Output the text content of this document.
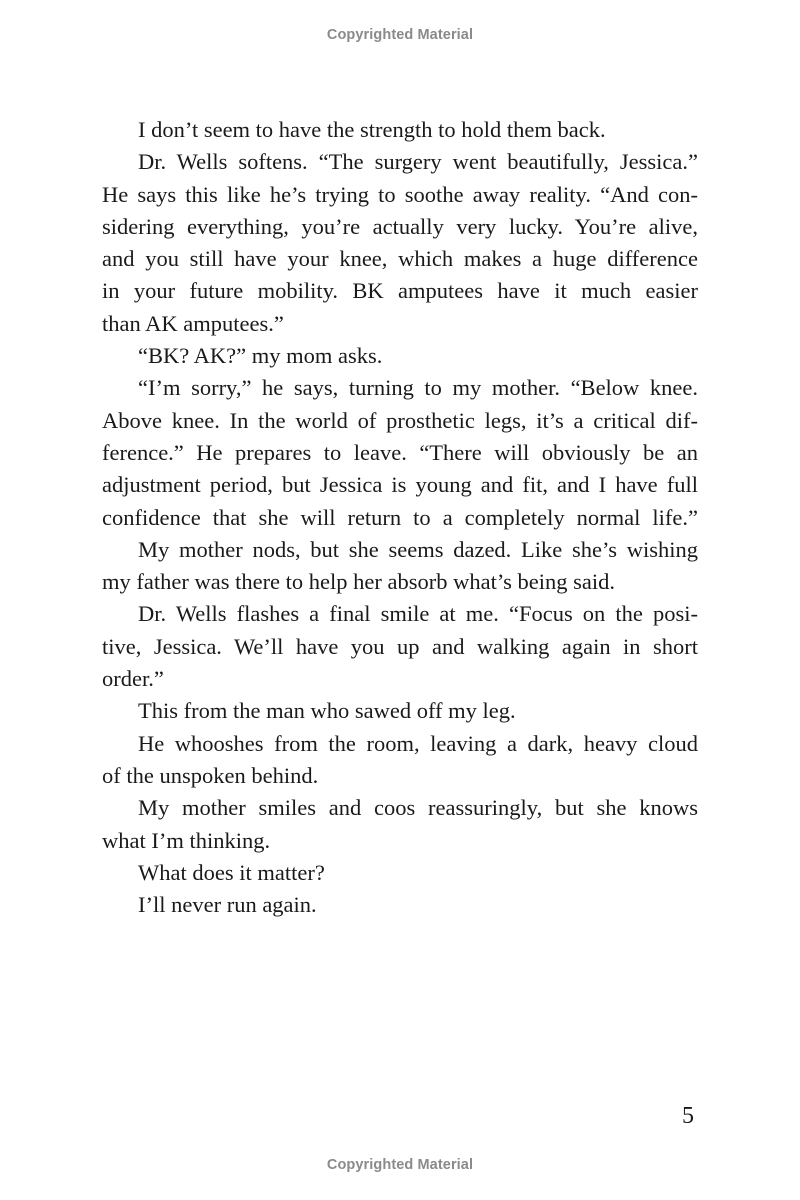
Copyrighted Material
I don’t seem to have the strength to hold them back.
Dr. Wells softens. “The surgery went beautifully, Jessica.”
He says this like he’s trying to soothe away reality. “And con-
sidering everything, you’re actually very lucky. You’re alive,
and you still have your knee, which makes a huge difference
in your future mobility. BK amputees have it much easier
than AK amputees.”
“BK? AK?” my mom asks.
“I’m sorry,” he says, turning to my mother. “Below knee.
Above knee. In the world of prosthetic legs, it’s a critical dif-
ference.” He prepares to leave. “There will obviously be an
adjustment period, but Jessica is young and fit, and I have full
confidence that she will return to a completely normal life.”
My mother nods, but she seems dazed. Like she’s wishing
my father was there to help her absorb what’s being said.
Dr. Wells flashes a final smile at me. “Focus on the posi-
tive, Jessica. We’ll have you up and walking again in short
order.”
This from the man who sawed off my leg.
He whooshes from the room, leaving a dark, heavy cloud
of the unspoken behind.
My mother smiles and coos reassuringly, but she knows
what I’m thinking.
What does it matter?
I’ll never run again.
5
Copyrighted Material
